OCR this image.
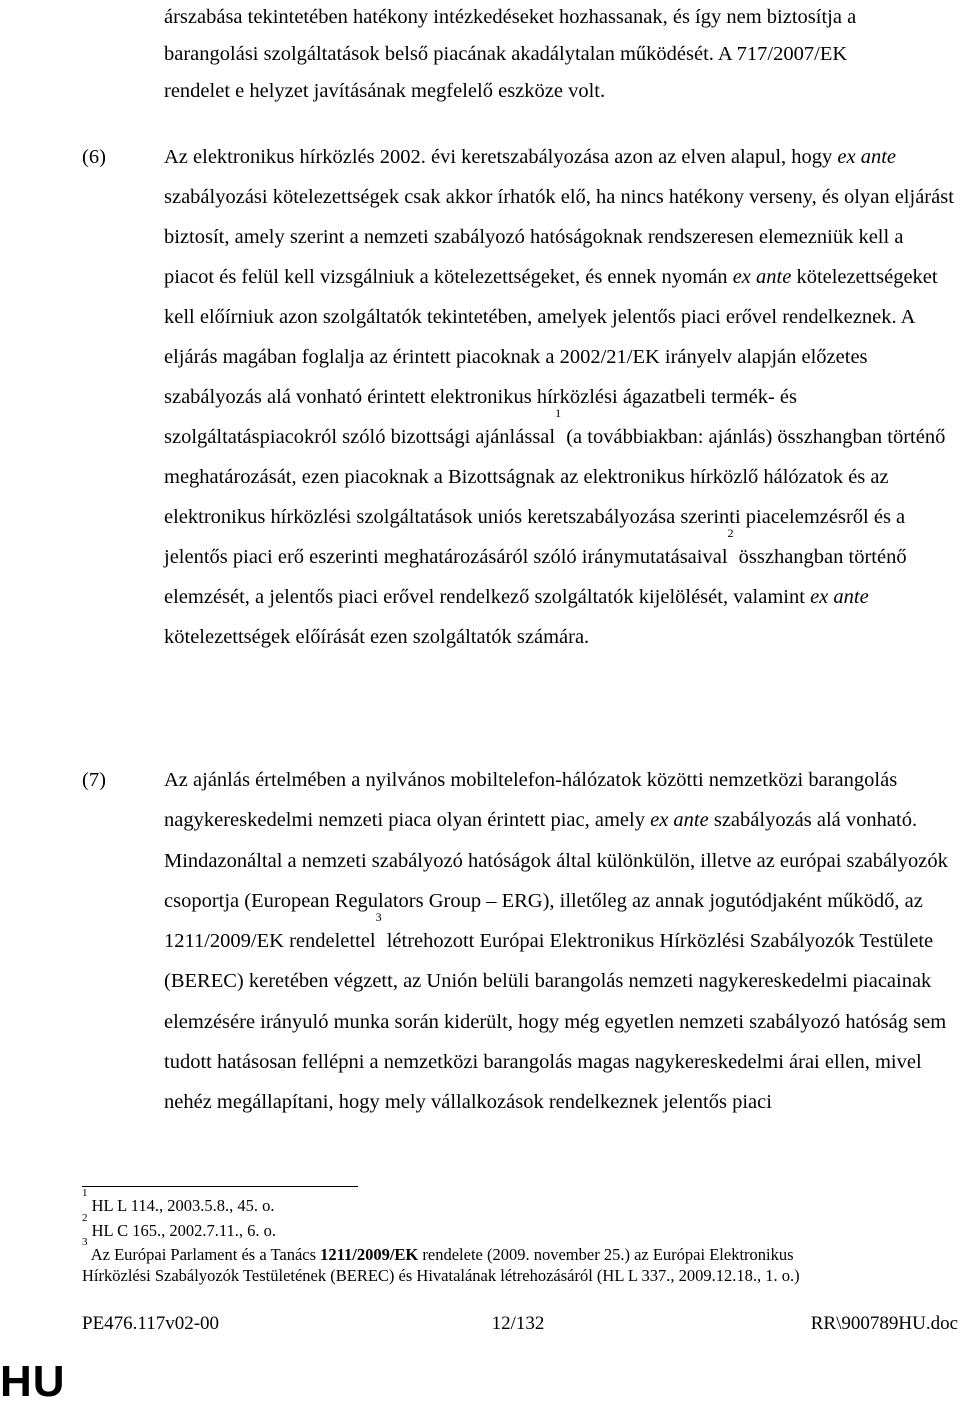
árszabása tekintetében hatékony intézkedéseket hozhassanak, és így nem biztosítja a
barangolási szolgáltatások belső piacának akadálytalan működését. A 717/2007/EK
rendelet e helyzet javításának megfelelő eszköze volt.
(6)	Az elektronikus hírközlés 2002. évi keretszabályozása azon az elven alapul, hogy ex ante szabályozási kötelezettségek csak akkor írhatók elő, ha nincs hatékony verseny, és olyan eljárást biztosít, amely szerint a nemzeti szabályozó hatóságoknak rendszeresen elemezniük kell a piacot és felül kell vizsgálniuk a kötelezettségeket, és ennek nyomán ex ante kötelezettségeket kell előírniuk azon szolgáltatók tekintetében, amelyek jelentős piaci erővel rendelkeznek. A eljárás magában foglalja az érintett piacoknak a 2002/21/EK irányelv alapján előzetes szabályozás alá vonható érintett elektronikus hírközlési ágazatbeli termék- és szolgáltatáspiacokról szóló bizottsági ajánlással$^1$ (a továbbiakban: ajánlás) összhangban történő meghatározását, ezen piacoknak a Bizottságnak az elektronikus hírközlő hálózatok és az elektronikus hírközlési szolgáltatások uniós keretszabályozása szerinti piacelemzésről és a jelentős piaci erő eszerinti meghatározásáról szóló iránymutatásaival$^2$ összhangban történő elemzését, a jelentős piaci erővel rendelkező szolgáltatók kijelölését, valamint ex ante kötelezettségek előírását ezen szolgáltatók számára.
(7)	Az ajánlás értelmében a nyilvános mobiltelefon-hálózatok közötti nemzetközi barangolás nagykereskedelmi nemzeti piaca olyan érintett piac, amely ex ante szabályozás alá vonható. Mindazonáltal a nemzeti szabályozó hatóságok által különkülön, illetve az európai szabályozók csoportja (European Regulators Group – ERG), illetőleg az annak jogutódjaként működő, az 1211/2009/EK rendelettel$^3$ létrehozott Európai Elektronikus Hírközlési Szabályozók Testülete (BEREC) keretében végzett, az Unión belüli barangolás nemzeti nagykereskedelmi piacainak elemzésére irányuló munka során kiderült, hogy még egyetlen nemzeti szabályozó hatóság sem tudott hatásosan fellépni a nemzetközi barangolás magas nagykereskedelmi árai ellen, mivel nehéz megállapítani, hogy mely vállalkozások rendelkeznek jelentős piaci
$^1$ HL L 114., 2003.5.8., 45. o.
$^2$ HL C 165., 2002.7.11., 6. o.
$^3$ Az Európai Parlament és a Tanács 1211/2009/EK rendelete (2009. november 25.) az Európai Elektronikus
Hírközlési Szabályozók Testületének (BEREC) és Hivatalának létrehozásáról (HL L 337., 2009.12.18., 1. o.)
PE476.117v02-00	12/132	RR\900789HU.doc
HU
